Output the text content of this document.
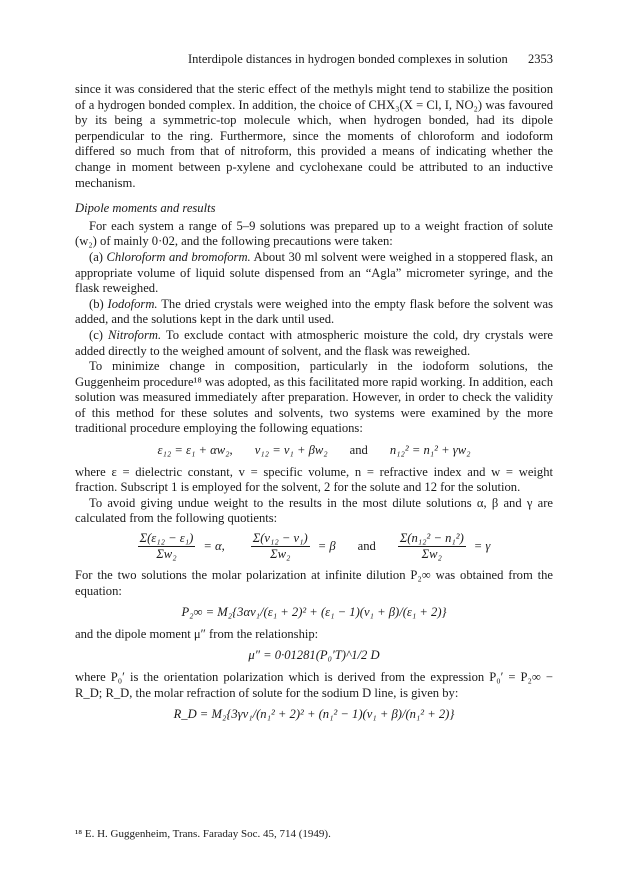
Interdipole distances in hydrogen bonded complexes in solution 2353

since it was considered that the steric effect of the methyls might tend to stabilize the position of a hydrogen bonded complex. In addition, the choice of CHX₃(X = Cl, I, NO₂) was favoured by its being a symmetric-top molecule which, when hydrogen bonded, had its dipole perpendicular to the ring. Furthermore, since the moments of chloroform and iodoform differed so much from that of nitroform, this provided a means of indicating whether the change in moment between p-xylene and cyclohexane could be attributed to an inductive mechanism.

Dipole moments and results

For each system a range of 5–9 solutions was prepared up to a weight fraction of solute (w₂) of mainly 0·02, and the following precautions were taken:

(a) Chloroform and bromoform. About 30 ml solvent were weighed in a stoppered flask, an appropriate volume of liquid solute dispensed from an “Agla” micrometer syringe, and the flask reweighed.

(b) Iodoform. The dried crystals were weighed into the empty flask before the solvent was added, and the solutions kept in the dark until used.

(c) Nitroform. To exclude contact with atmospheric moisture the cold, dry crystals were added directly to the weighed amount of solvent, and the flask was reweighed.

To minimize change in composition, particularly in the iodoform solutions, the Guggenheim procedure¹⁸ was adopted, as this facilitated more rapid working. In addition, each solution was measured immediately after preparation. However, in order to check the validity of this method for these solutes and solvents, two systems were examined by the more traditional procedure employing the following equations:

ε₁₂ = ε₁ + αw₂, v₁₂ = v₁ + βw₂ and n₁₂² = n₁² + γw₂

where ε = dielectric constant, v = specific volume, n = refractive index and w = weight fraction. Subscript 1 is employed for the solvent, 2 for the solute and 12 for the solution.

To avoid giving undue weight to the results in the most dilute solutions α, β and γ are calculated from the following quotients:

$\frac{\text{Σ(ε₁₂ − ε₁)}}{\text{Σw₂}} = \alpha$, $\frac{\text{Σ(v₁₂ − v₁)}}{\text{Σw₂}} = \beta$ and $\frac{\text{Σ(n₁₂² − n₁²)}}{\text{Σw₂}} = \gamma$

For the two solutions the molar polarization at infinite dilution P₂∞ was obtained from the equation:

P₂∞ = M₂{3αv₁/(ε₁ + 2)² + (ε₁ − 1)(v₁ + β)/(ε₁ + 2)}

and the dipole moment μ″ from the relationship:

μ″ = 0·01281(P₀′T)^1/2 D

where P₀′ is the orientation polarization which is derived from the expression P₀′ = P₂∞ − R_D; R_D, the molar refraction of solute for the sodium D line, is given by:

R_D = M₂{3γv₁/(n₁² + 2)² + (n₁² − 1)(v₁ + β)/(n₁² + 2)}
¹⁸ E. H. Guggenheim, Trans. Faraday Soc. 45, 714 (1949).
